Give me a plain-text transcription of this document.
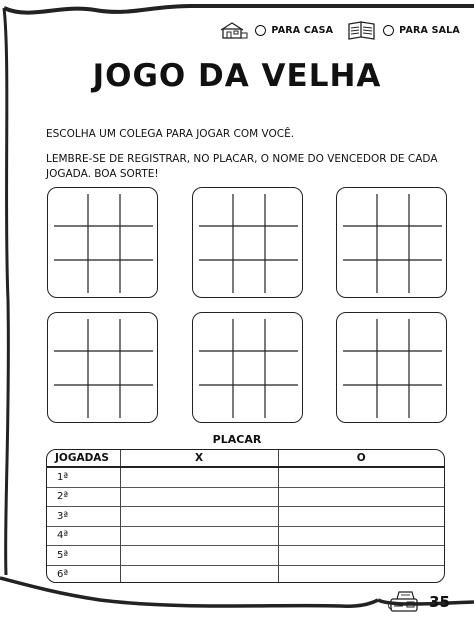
PARA CASA	PARA SALA
JOGO DA VELHA
ESCOLHA UM COLEGA PARA JOGAR COM VOCÊ.
LEMBRE-SE DE REGISTRAR, NO PLACAR, O NOME DO VENCEDOR DE CADA JOGADA. BOA SORTE!
PLACAR
JOGADAS	X	O
1ª		
2ª		
3ª		
4ª		
5ª		
6ª		
35
